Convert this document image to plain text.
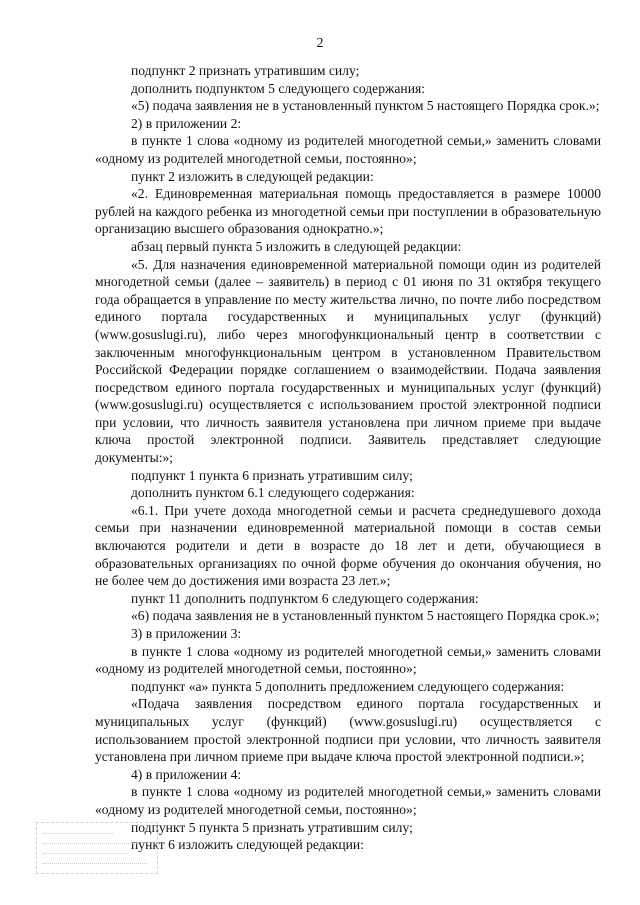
2

подпункт 2 признать утратившим силу;

дополнить подпунктом 5 следующего содержания:

«5) подача заявления не в установленный пунктом 5 настоящего Порядка срок.»;

2) в приложении 2:

в пункте 1 слова «одному из родителей многодетной семьи,» заменить словами «одному из родителей многодетной семьи, постоянно»;

пункт 2 изложить в следующей редакции:

«2. Единовременная материальная помощь предоставляется в размере 10000 рублей на каждого ребенка из многодетной семьи при поступлении в образовательную организацию высшего образования однократно.»;

абзац первый пункта 5 изложить в следующей редакции:

«5. Для назначения единовременной материальной помощи один из родителей многодетной семьи (далее – заявитель) в период с 01 июня по 31 октября текущего года обращается в управление по месту жительства лично, по почте либо посредством единого портала государственных и муниципальных услуг (функций) (www.gosuslugi.ru), либо через многофункциональный центр в соответствии с заключенным многофункциональным центром в установленном Правительством Российской Федерации порядке соглашением о взаимодействии. Подача заявления посредством единого портала государственных и муниципальных услуг (функций) (www.gosuslugi.ru) осуществляется с использованием простой электронной подписи при условии, что личность заявителя установлена при личном приеме при выдаче ключа простой электронной подписи. Заявитель представляет следующие документы:»;

подпункт 1 пункта 6 признать утратившим силу;

дополнить пунктом 6.1 следующего содержания:

«6.1. При учете дохода многодетной семьи и расчета среднедушевого дохода семьи при назначении единовременной материальной помощи в состав семьи включаются родители и дети в возрасте до 18 лет и дети, обучающиеся в образовательных организациях по очной форме обучения до окончания обучения, но не более чем до достижения ими возраста 23 лет.»;

пункт 11 дополнить подпунктом 6 следующего содержания:

«6) подача заявления не в установленный пунктом 5 настоящего Порядка срок.»;

3) в приложении 3:

в пункте 1 слова «одному из родителей многодетной семьи,» заменить словами «одному из родителей многодетной семьи, постоянно»;

подпункт «а» пункта 5 дополнить предложением следующего содержания:

«Подача заявления посредством единого портала государственных и муниципальных услуг (функций) (www.gosuslugi.ru) осуществляется с использованием простой электронной подписи при условии, что личность заявителя установлена при личном приеме при выдаче ключа простой электронной подписи.»;

4) в приложении 4:

в пункте 1 слова «одному из родителей многодетной семьи,» заменить словами «одному из родителей многодетной семьи, постоянно»;

подпункт 5 пункта 5 признать утратившим силу;

пункт 6 изложить следующей редакции:
